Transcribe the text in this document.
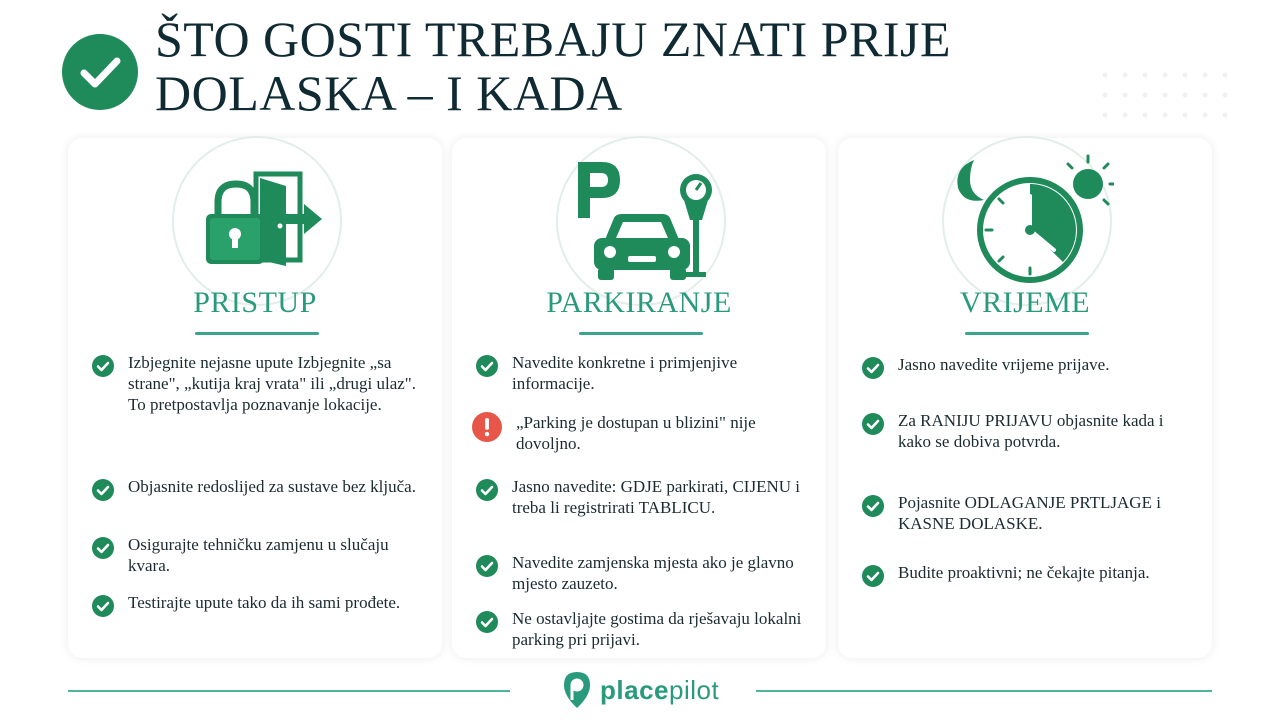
ŠTO GOSTI TREBAJU ZNATI PRIJE DOLASKA – I KADA
PRISTUP
Izbjegnite nejasne upute Izbjegnite „sa strane", „kutija kraj vrata" ili „drugi ulaz". To pretpostavlja poznavanje lokacije.
Objasnite redoslijed za sustave bez ključa.
Osigurajte tehničku zamjenu u slučaju kvara.
Testirajte upute tako da ih sami prođete.
PARKIRANJE
Navedite konkretne i primjenjive informacije.
„Parking je dostupan u blizini" nije dovoljno.
Jasno navedite: GDJE parkirati, CIJENU i treba li registrirati TABLICU.
Navedite zamjenska mjesta ako je glavno mjesto zauzeto.
Ne ostavljajte gostima da rješavaju lokalni parking pri prijavi.
VRIJEME
Jasno navedite vrijeme prijave.
Za RANIJU PRIJAVU objasnite kada i kako se dobiva potvrda.
Pojasnite ODLAGANJE PRTLJAGE i KASNE DOLASKE.
Budite proaktivni; ne čekajte pitanja.
placepilot
